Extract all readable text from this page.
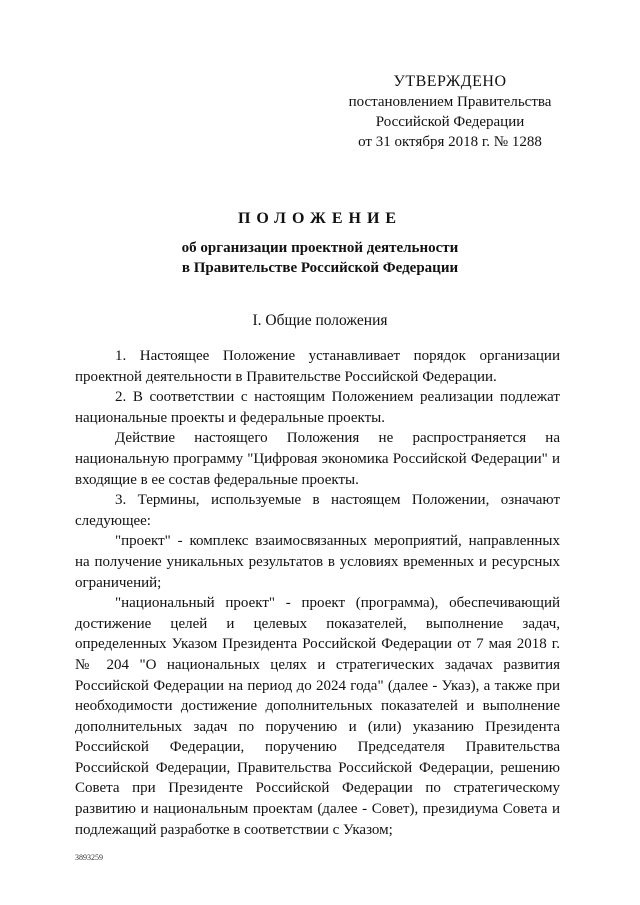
УТВЕРЖДЕНО
постановлением Правительства
Российской Федерации
от 31 октября 2018 г. № 1288
ПОЛОЖЕНИЕ
об организации проектной деятельности
в Правительстве Российской Федерации
I. Общие положения

1. Настоящее Положение устанавливает порядок организации проектной деятельности в Правительстве Российской Федерации.

2. В соответствии с настоящим Положением реализации подлежат национальные проекты и федеральные проекты.

Действие настоящего Положения не распространяется на национальную программу "Цифровая экономика Российской Федерации" и входящие в ее состав федеральные проекты.

3. Термины, используемые в настоящем Положении, означают следующее:

"проект" - комплекс взаимосвязанных мероприятий, направленных на получение уникальных результатов в условиях временных и ресурсных ограничений;

"национальный проект" - проект (программа), обеспечивающий достижение целей и целевых показателей, выполнение задач, определенных Указом Президента Российской Федерации от 7 мая 2018 г. № 204 "О национальных целях и стратегических задачах развития Российской Федерации на период до 2024 года" (далее - Указ), а также при необходимости достижение дополнительных показателей и выполнение дополнительных задач по поручению и (или) указанию Президента Российской Федерации, поручению Председателя Правительства Российской Федерации, Правительства Российской Федерации, решению Совета при Президенте Российской Федерации по стратегическому развитию и национальным проектам (далее - Совет), президиума Совета и подлежащий разработке в соответствии с Указом;

3893259
